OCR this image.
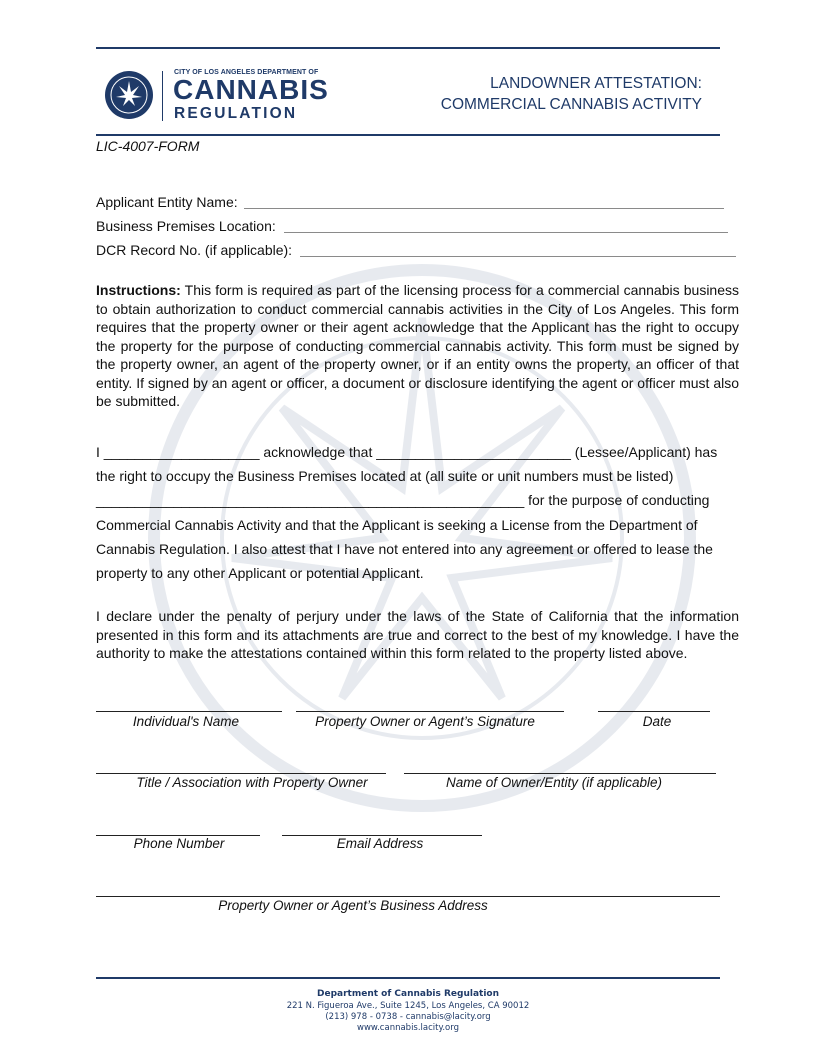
CITY OF LOS ANGELES DEPARTMENT OF
CANNABIS
REGULATION
LANDOWNER ATTESTATION:
COMMERCIAL CANNABIS ACTIVITY
LIC-4007-FORM
Applicant Entity Name:
Business Premises Location:
DCR Record No. (if applicable):
Instructions: This form is required as part of the licensing process for a commercial cannabis business to obtain authorization to conduct commercial cannabis activities in the City of Los Angeles. This form requires that the property owner or their agent acknowledge that the Applicant has the right to occupy the property for the purpose of conducting commercial cannabis activity. This form must be signed by the property owner, an agent of the property owner, or if an entity owns the property, an officer of that entity. If signed by an agent or officer, a document or disclosure identifying the agent or officer must also be submitted.
I ____________________ acknowledge that _________________________ (Lessee/Applicant) has
the right to occupy the Business Premises located at (all suite or unit numbers must be listed)
_______________________________________________________ for the purpose of conducting
Commercial Cannabis Activity and that the Applicant is seeking a License from the Department of
Cannabis Regulation. I also attest that I have not entered into any agreement or offered to lease the
property to any other Applicant or potential Applicant.
I declare under the penalty of perjury under the laws of the State of California that the information presented in this form and its attachments are true and correct to the best of my knowledge. I have the authority to make the attestations contained within this form related to the property listed above.
Individual's Name	Property Owner or Agent’s Signature	Date
Title / Association with Property Owner	Name of Owner/Entity (if applicable)
Phone Number	Email Address
Property Owner or Agent’s Business Address
Department of Cannabis Regulation
221 N. Figueroa Ave., Suite 1245, Los Angeles, CA 90012
(213) 978 - 0738 - cannabis@lacity.org
www.cannabis.lacity.org
